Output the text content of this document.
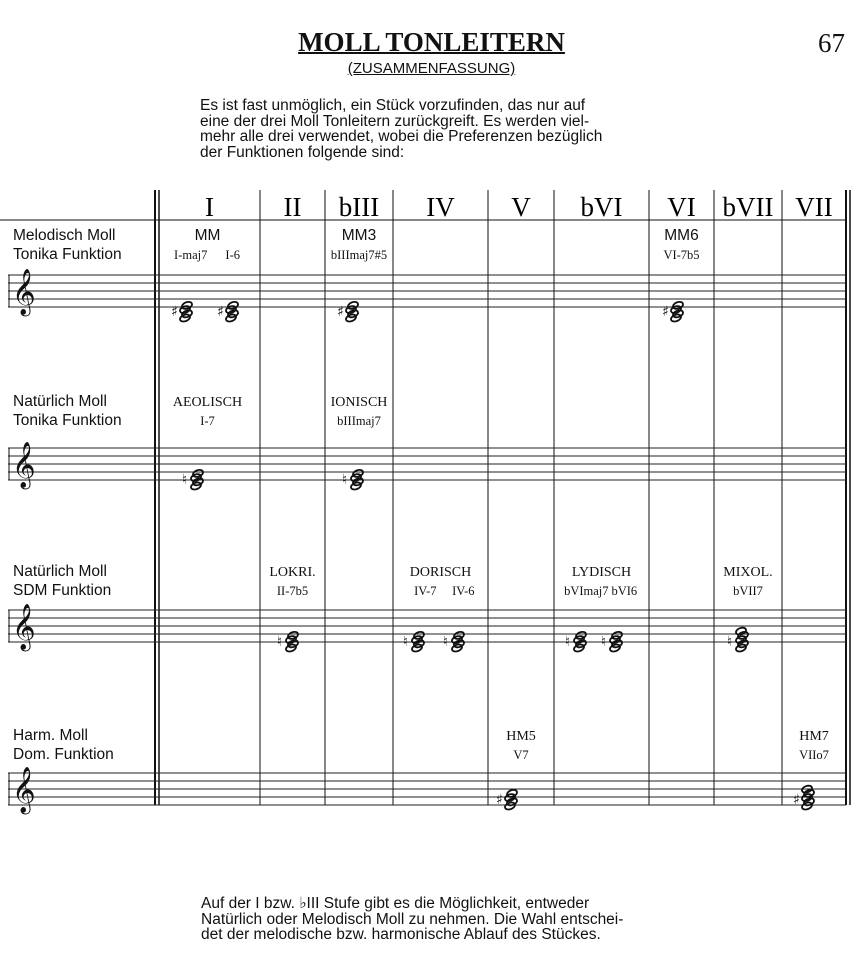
67
MOLL TONLEITERN
(ZUSAMMENFASSUNG)
Es ist fast unmöglich, ein Stück vorzufinden, das nur auf
eine der drei Moll Tonleitern zurückgreift. Es werden viel-
mehr alle drei verwendet, wobei die Preferenzen bezüglich
der Funktionen folgende sind:
𝄞
𝄞
𝄞
𝄞
I	II bIII IV V bVI VI bVII VII
Melodisch Moll
Tonika Funktion
MM
I-maj7 I-6
♯	♯
MM3
bIIImaj7#5
♯
MM6
VI-7b5
♯
Natürlich Moll
Tonika Funktion
AEOLISCH
I-7
♮
IONISCH
bIIImaj7
♮
Natürlich Moll
SDM Funktion
LOKRI.
II-7b5
♮
DORISCH
IV-7 IV-6
♮ ♮
LYDISCH
bVImaj7 bVI6
♮ ♮
MIXOL.
bVII7
♮
Harm. Moll
Dom. Funktion
HM5
V7
♯
HM7
VIIo7
♯
Auf der I bzw. ♭III Stufe gibt es die Möglichkeit, entweder
Natürlich oder Melodisch Moll zu nehmen. Die Wahl entschei-
det der melodische bzw. harmonische Ablauf des Stückes.
